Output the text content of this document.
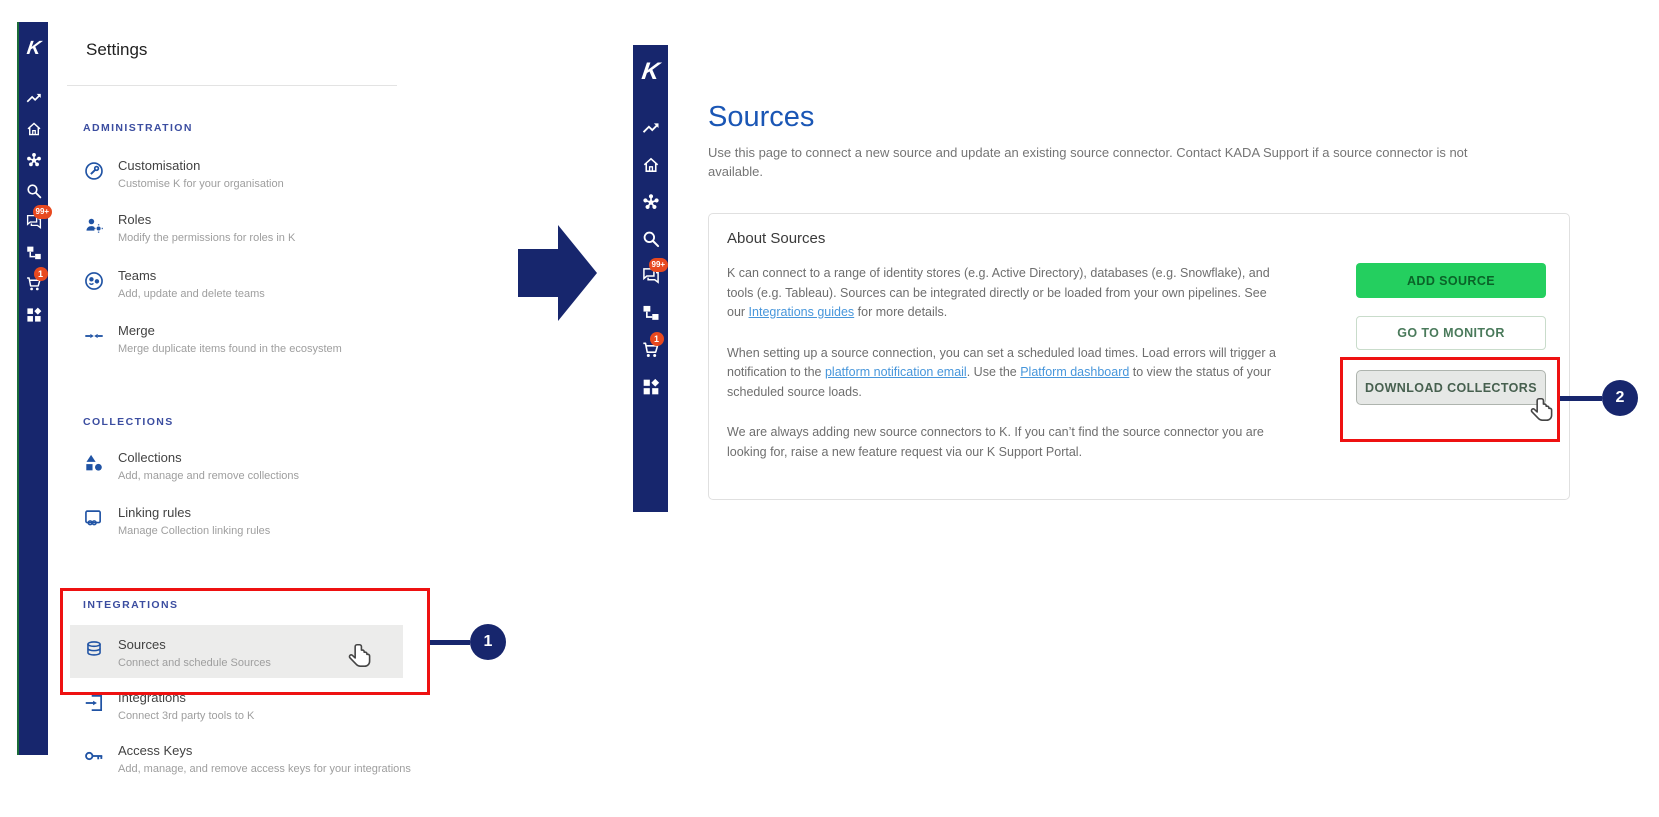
K
99+
1
Settings
ADMINISTRATION
Customisation
Customise K for your organisation
Roles
Modify the permissions for roles in K
Teams
Add, update and delete teams
Merge
Merge duplicate items found in the ecosystem
COLLECTIONS
Collections
Add, manage and remove collections
Linking rules
Manage Collection linking rules
INTEGRATIONS
Sources
Connect and schedule Sources
Integrations
Connect 3rd party tools to K
Access Keys
Add, manage, and remove access keys for your integrations
K
99+
1
Sources
Use this page to connect a new source and update an existing source connector. Contact KADA Support if a source connector is not available.
About Sources

K can connect to a range of identity stores (e.g. Active Directory), databases (e.g. Snowflake), and tools (e.g. Tableau). Sources can be integrated directly or be loaded from your own pipelines. See our Integrations guides for more details.

When setting up a source connection, you can set a scheduled load times. Load errors will trigger a notification to the platform notification email. Use the Platform dashboard to view the status of your scheduled source loads.

We are always adding new source connectors to K. If you can’t find the source connector you are looking for, raise a new feature request via our K Support Portal.

ADD SOURCE
GO TO MONITOR
DOWNLOAD COLLECTORS
1
2
